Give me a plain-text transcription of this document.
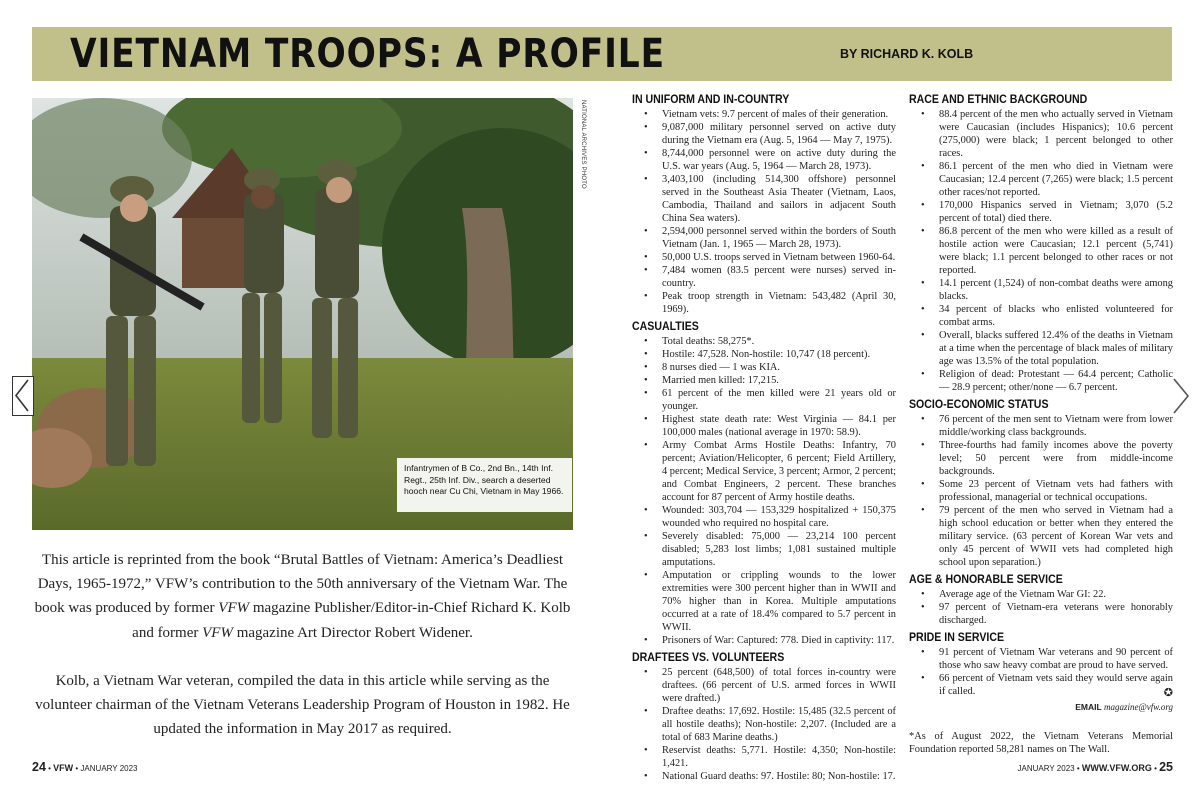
VIETNAM TROOPS: A PROFILE	BY RICHARD K. KOLB
NATIONAL ARCHIVES PHOTO
Infantrymen of B Co., 2nd Bn., 14th Inf. Regt., 25th Inf. Div., search a deserted hooch near Cu Chi, Vietnam in May 1966.

This article is reprinted from the book “Brutal Battles of Vietnam: America’s Deadliest Days, 1965-1972,” VFW’s contribution to the 50th anniversary of the Vietnam War. The book was produced by former VFW magazine Publisher/Editor-in-Chief Richard K. Kolb and former VFW magazine Art Director Robert Widener.

Kolb, a Vietnam War veteran, compiled the data in this article while serving as the volunteer chairman of the Vietnam Veterans Leadership Program of Houston in 1982. He updated the information in May 2017 as required.

IN UNIFORM AND IN-COUNTRY
• Vietnam vets: 9.7 percent of males of their generation.
• 9,087,000 military personnel served on active duty during the Vietnam era (Aug. 5, 1964 — May 7, 1975).
• 8,744,000 personnel were on active duty during the U.S. war years (Aug. 5, 1964 — March 28, 1973).
• 3,403,100 (including 514,300 offshore) personnel served in the Southeast Asia Theater (Vietnam, Laos, Cambodia, Thailand and sailors in adjacent South China Sea waters).
• 2,594,000 personnel served within the borders of South Vietnam (Jan. 1, 1965 — March 28, 1973).
• 50,000 U.S. troops served in Vietnam between 1960-64.
• 7,484 women (83.5 percent were nurses) served in-country.
• Peak troop strength in Vietnam: 543,482 (April 30, 1969).
CASUALTIES
• Total deaths: 58,275*.
• Hostile: 47,528. Non-hostile: 10,747 (18 percent).
• 8 nurses died — 1 was KIA.
• Married men killed: 17,215.
• 61 percent of the men killed were 21 years old or younger.
• Highest state death rate: West Virginia — 84.1 per 100,000 males (national average in 1970: 58.9).
• Army Combat Arms Hostile Deaths: Infantry, 70 percent; Aviation/Helicopter, 6 percent; Field Artillery, 4 percent; Medical Service, 3 percent; Armor, 2 percent; and Combat Engineers, 2 percent. These branches account for 87 percent of Army hostile deaths.
• Wounded: 303,704 — 153,329 hospitalized + 150,375 wounded who required no hospital care.
• Severely disabled: 75,000 — 23,214 100 percent disabled; 5,283 lost limbs; 1,081 sustained multiple amputations.
• Amputation or crippling wounds to the lower extremities were 300 percent higher than in WWII and 70% higher than in Korea. Multiple amputations occurred at a rate of 18.4% compared to 5.7 percent in WWII.
• Prisoners of War: Captured: 778. Died in captivity: 117.
DRAFTEES VS. VOLUNTEERS
• 25 percent (648,500) of total forces in-country were draftees. (66 percent of U.S. armed forces in WWII were drafted.)
• Draftee deaths: 17,692. Hostile: 15,485 (32.5 percent of all hostile deaths); Non-hostile: 2,207. (Included are a total of 683 Marine deaths.)
• Reservist deaths: 5,771. Hostile: 4,350; Non-hostile: 1,421.
• National Guard deaths: 97. Hostile: 80; Non-hostile: 17.
RACE AND ETHNIC BACKGROUND
• 88.4 percent of the men who actually served in Vietnam were Caucasian (includes Hispanics); 10.6 percent (275,000) were black; 1 percent belonged to other races.
• 86.1 percent of the men who died in Vietnam were Caucasian; 12.4 percent (7,265) were black; 1.5 percent other races/not reported.
• 170,000 Hispanics served in Vietnam; 3,070 (5.2 percent of total) died there.
• 86.8 percent of the men who were killed as a result of hostile action were Caucasian; 12.1 percent (5,741) were black; 1.1 percent belonged to other races or not reported.
• 14.1 percent (1,524) of non-combat deaths were among blacks.
• 34 percent of blacks who enlisted volunteered for combat arms.
• Overall, blacks suffered 12.4% of the deaths in Vietnam at a time when the percentage of black males of military age was 13.5% of the total population.
• Religion of dead: Protestant — 64.4 percent; Catholic — 28.9 percent; other/none — 6.7 percent.
SOCIO-ECONOMIC STATUS
• 76 percent of the men sent to Vietnam were from lower middle/working class backgrounds.
• Three-fourths had family incomes above the poverty level; 50 percent were from middle-income backgrounds.
• Some 23 percent of Vietnam vets had fathers with professional, managerial or technical occupations.
• 79 percent of the men who served in Vietnam had a high school education or better when they entered the military service. (63 percent of Korean War vets and only 45 percent of WWII vets had completed high school upon separation.)
AGE & HONORABLE SERVICE
• Average age of the Vietnam War GI: 22.
• 97 percent of Vietnam-era veterans were honorably discharged.
PRIDE IN SERVICE
• 91 percent of Vietnam War veterans and 90 percent of those who saw heavy combat are proud to have served.
• 66 percent of Vietnam vets said they would serve again if called.	✪
EMAIL magazine@vfw.org
*As of August 2022, the Vietnam Veterans Memorial Foundation reported 58,281 names on The Wall.
24 • VFW • JANUARY 2023	JANUARY 2023 • WWW.VFW.ORG • 25
